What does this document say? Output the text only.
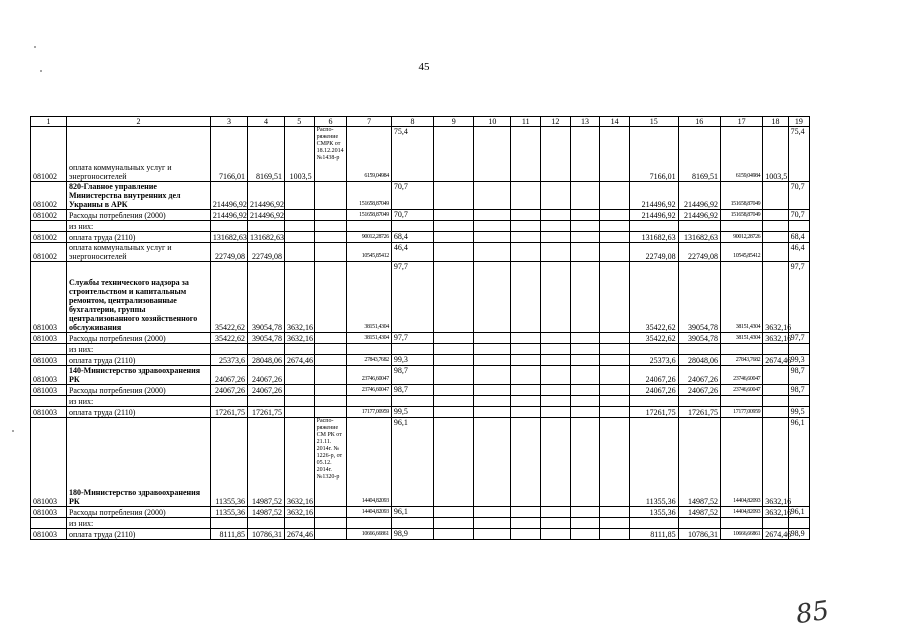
45
1	2	3	4	5	6	7	8	9	10	11	12	13	14	15	16	17	18	19
081002	оплата коммунальных услуг и энергоносителей	7166,01	8169,51	1003,5	Распо-ряжение СМРК от 18.12.2014 №1438-р	6159,04984	75,4							7166,01	8169,51	6159,04984	1003,5	75,4
081002	820-Главное управление Министерства внутренних дел Украины в АРК	214496,92	214496,92			151658,87049	70,7							214496,92	214496,92	151658,87049		70,7
081002	Расходы потребления (2000)	214496,92	214496,92			151658,87049	70,7							214496,92	214496,92	151658,87049		70,7
	из них:																	
081002	оплата труда (2110)	131682,63	131682,63			90012,28726	68,4							131682,63	131682,63	90012,28726		68,4
081002	оплата коммунальных услуг и энергоносителей	22749,08	22749,08			10545,85412	46,4							22749,08	22749,08	10545,85412		46,4
081003	Службы технического надзора за строительством и капитальным ремонтом, централизованные бухгалтерии, группы централизованного хозяйственного обслуживания	35422,62	39054,78	3632,16		38151,4304	97,7							35422,62	39054,78	38151,4304	3632,16	97,7
081003	Расходы потребления (2000)	35422,62	39054,78	3632,16		38151,4304	97,7							35422,62	39054,78	38151,4304	3632,16	97,7
	из них:																	
081003	оплата труда (2110)	25373,6	28048,06	2674,46		27843,7682	99,3							25373,6	28048,06	27843,7682	2674,46	99,3
081003	140-Министерство здравоохранения РК	24067,26	24067,26			23746,60047	98,7							24067,26	24067,26	23746,60047		98,7
081003	Расходы потребления (2000)	24067,26	24067,26			23746,60047	98,7							24067,26	24067,26	23746,60047		98,7
	из них:																	
081003	оплата труда (2110)	17261,75	17261,75			17177,00959	99,5							17261,75	17261,75	17177,00959		99,5
081003	180-Министерство здравоохранения РК	11355,36	14987,52	3632,16	Распо-ряжение СМ РК от 21.11. 2014г. № 1226-р, от 05.12. 2014г. №1320-р	14404,82093	96,1							11355,36	14987,52	14404,82093	3632,16	96,1
081003	Расходы потребления (2000)	11355,36	14987,52	3632,16		14404,82093	96,1							1355,36	14987,52	14404,82093	3632,16	96,1
	из них:																	
081003	оплата труда (2110)	8111,85	10786,31	2674,46		10666,66861	98,9							8111,85	10786,31	10666,66861	2674,46	98,9
85
